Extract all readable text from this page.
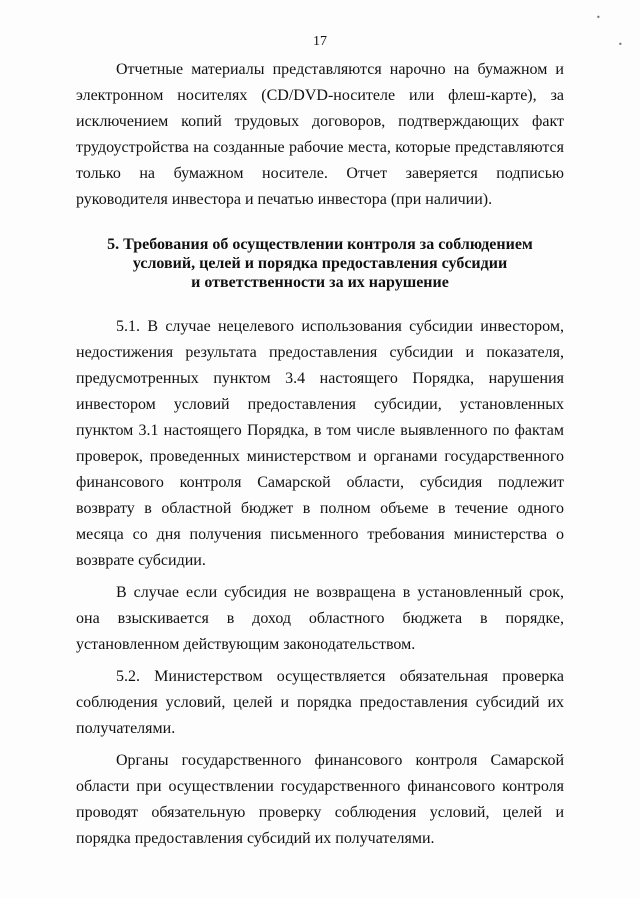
•
•
17

Отчетные материалы представляются нарочно на бумажном и электронном носителях (CD/DVD-носителе или флеш-карте), за исключением копий трудовых договоров, подтверждающих факт трудоустройства на созданные рабочие места, которые представляются только на бумажном носителе. Отчет заверяется подписью руководителя инвестора и печатью инвестора (при наличии).

5. Требования об осуществлении контроля за соблюдением
условий, целей и порядка предоставления субсидии
и ответственности за их нарушение

5.1. В случае нецелевого использования субсидии инвестором, недостижения результата предоставления субсидии и показателя, предусмотренных пунктом 3.4 настоящего Порядка, нарушения инвестором условий предоставления субсидии, установленных пунктом 3.1 настоящего Порядка, в том числе выявленного по фактам проверок, проведенных министерством и органами государственного финансового контроля Самарской области, субсидия подлежит возврату в областной бюджет в полном объеме в течение одного месяца со дня получения письменного требования министерства о возврате субсидии.

В случае если субсидия не возвращена в установленный срок, она взыскивается в доход областного бюджета в порядке, установленном действующим законодательством.

5.2. Министерством осуществляется обязательная проверка соблюдения условий, целей и порядка предоставления субсидий их получателями.

Органы государственного финансового контроля Самарской области при осуществлении государственного финансового контроля проводят обязательную проверку соблюдения условий, целей и порядка предоставления субсидий их получателями.
